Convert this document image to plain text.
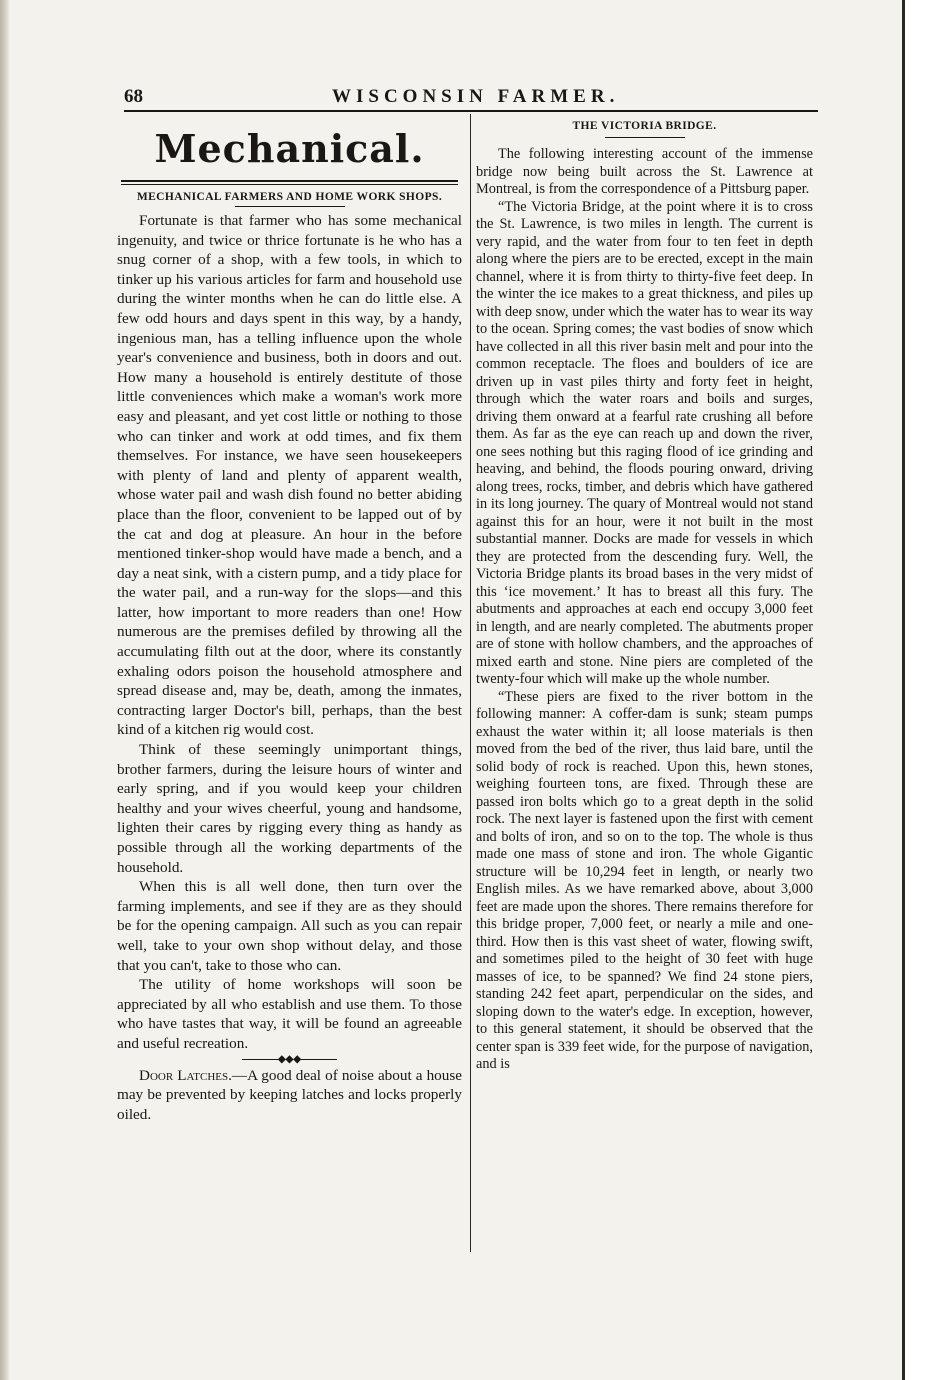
68	WISCONSIN FARMER.
Mechanical.
MECHANICAL FARMERS AND HOME WORK SHOPS.

Fortunate is that farmer who has some mechanical ingenuity, and twice or thrice fortunate is he who has a snug corner of a shop, with a few tools, in which to tinker up his various articles for farm and household use during the winter months when he can do little else. A few odd hours and days spent in this way, by a handy, ingenious man, has a telling influence upon the whole year's convenience and business, both in doors and out. How many a household is entirely destitute of those little conveniences which make a woman's work more easy and pleasant, and yet cost little or nothing to those who can tinker and work at odd times, and fix them themselves. For instance, we have seen housekeepers with plenty of land and plenty of apparent wealth, whose water pail and wash dish found no better abiding place than the floor, convenient to be lapped out of by the cat and dog at pleasure. An hour in the before mentioned tinker-shop would have made a bench, and a day a neat sink, with a cistern pump, and a tidy place for the water pail, and a run-way for the slops—and this latter, how important to more readers than one! How numerous are the premises defiled by throwing all the accumulating filth out at the door, where its constantly exhaling odors poison the household atmosphere and spread disease and, may be, death, among the inmates, contracting larger Doctor's bill, perhaps, than the best kind of a kitchen rig would cost.

Think of these seemingly unimportant things, brother farmers, during the leisure hours of winter and early spring, and if you would keep your children healthy and your wives cheerful, young and handsome, lighten their cares by rigging every thing as handy as possible through all the working departments of the household.

When this is all well done, then turn over the farming implements, and see if they are as they should be for the opening campaign. All such as you can repair well, take to your own shop without delay, and those that you can't, take to those who can.

The utility of home workshops will soon be appreciated by all who establish and use them. To those who have tastes that way, it will be found an agreeable and useful recreation.

◆◆◆

Door Latches.—A good deal of noise about a house may be prevented by keeping latches and locks properly oiled.

THE VICTORIA BRIDGE.

The following interesting account of the immense bridge now being built across the St. Lawrence at Montreal, is from the correspondence of a Pittsburg paper.

“The Victoria Bridge, at the point where it is to cross the St. Lawrence, is two miles in length. The current is very rapid, and the water from four to ten feet in depth along where the piers are to be erected, except in the main channel, where it is from thirty to thirty-five feet deep. In the winter the ice makes to a great thickness, and piles up with deep snow, under which the water has to wear its way to the ocean. Spring comes; the vast bodies of snow which have collected in all this river basin melt and pour into the common receptacle. The floes and boulders of ice are driven up in vast piles thirty and forty feet in height, through which the water roars and boils and surges, driving them onward at a fearful rate crushing all before them. As far as the eye can reach up and down the river, one sees nothing but this raging flood of ice grinding and heaving, and behind, the floods pouring onward, driving along trees, rocks, timber, and debris which have gathered in its long journey. The quary of Montreal would not stand against this for an hour, were it not built in the most substantial manner. Docks are made for vessels in which they are protected from the descending fury. Well, the Victoria Bridge plants its broad bases in the very midst of this ‘ice movement.’ It has to breast all this fury. The abutments and approaches at each end occupy 3,000 feet in length, and are nearly completed. The abutments proper are of stone with hollow chambers, and the approaches of mixed earth and stone. Nine piers are completed of the twenty-four which will make up the whole number.

“These piers are fixed to the river bottom in the following manner: A coffer-dam is sunk; steam pumps exhaust the water within it; all loose materials is then moved from the bed of the river, thus laid bare, until the solid body of rock is reached. Upon this, hewn stones, weighing fourteen tons, are fixed. Through these are passed iron bolts which go to a great depth in the solid rock. The next layer is fastened upon the first with cement and bolts of iron, and so on to the top. The whole is thus made one mass of stone and iron. The whole Gigantic structure will be 10,294 feet in length, or nearly two English miles. As we have remarked above, about 3,000 feet are made upon the shores. There remains therefore for this bridge proper, 7,000 feet, or nearly a mile and one-third. How then is this vast sheet of water, flowing swift, and sometimes piled to the height of 30 feet with huge masses of ice, to be spanned? We find 24 stone piers, standing 242 feet apart, perpendicular on the sides, and sloping down to the water's edge. In exception, however, to this general statement, it should be observed that the center span is 339 feet wide, for the purpose of navigation, and is
